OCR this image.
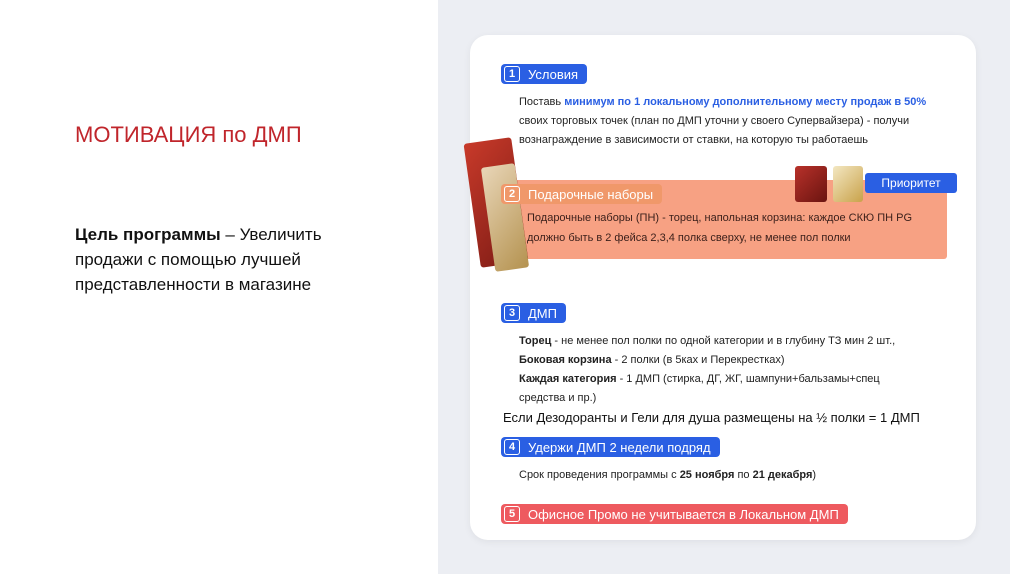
МОТИВАЦИЯ по ДМП
Цель программы – Увеличить продажи с помощью лучшей представленности в магазине
1 Условия
Поставь минимум по 1 локальному дополнительному месту продаж в 50%
своих торговых точек (план по ДМП уточни у своего Супервайзера) - получи
вознаграждение в зависимости от ставки, на которую ты работаешь
Приоритет
2 Подарочные наборы
Подарочные наборы (ПН) - торец, напольная корзина: каждое СКЮ ПН PG
должно быть в 2 фейса 2,3,4 полка сверху, не менее пол полки
3 ДМП
Торец - не менее пол полки по одной категории и в глубину ТЗ мин 2 шт.,
Боковая корзина - 2 полки (в 5ках и Перекрестках)
Каждая категория - 1 ДМП (стирка, ДГ, ЖГ, шампуни+бальзамы+спец
средства и пр.)
Если Дезодоранты и Гели для душа размещены на ½ полки = 1 ДМП
4 Удержи ДМП 2 недели подряд
Срок проведения программы с 25 ноября по 21 декабря)
5 Офисное Промо не учитывается в Локальном ДМП
